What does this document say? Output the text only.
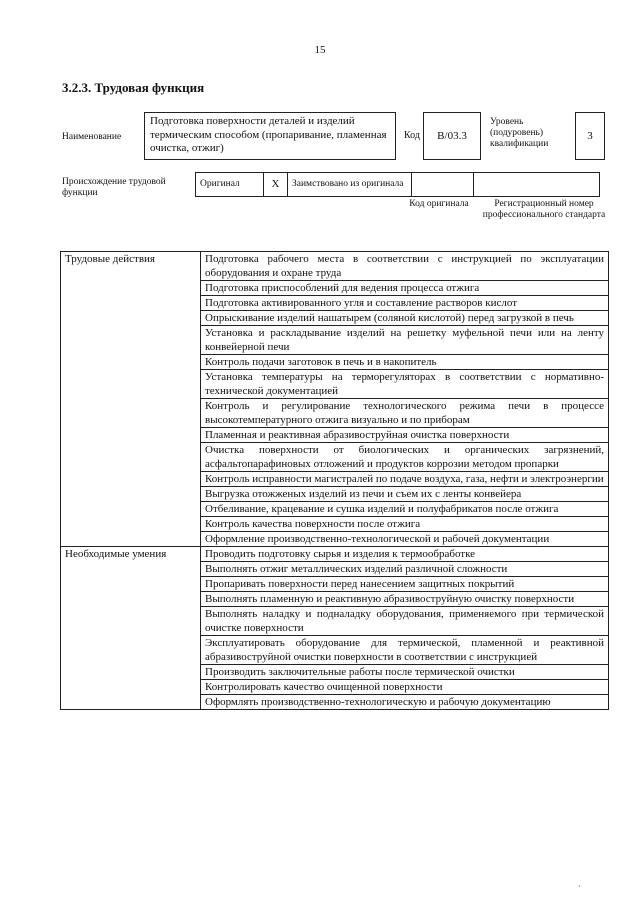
15
3.2.3. Трудовая функция
Наименование
Подготовка поверхности деталей и изделий термическим способом (пропаривание, пламенная очистка, отжиг)
Код	B/03.3
Уровень (подуровень) квалификации
3
Происхождение трудовой функции
Оригинал	X	Заимствовано из оригинала		
Код оригинала	Регистрационный номер профессионального стандарта
Трудовые действия	Подготовка рабочего места в соответствии с инструкцией по эксплуатации оборудования и охране труда
	Подготовка приспособлений для ведения процесса отжига
	Подготовка активированного угля и составление растворов кислот
	Опрыскивание изделий нашатырем (соляной кислотой) перед загрузкой в печь
	Установка и раскладывание изделий на решетку муфельной печи или на ленту конвейерной печи
	Контроль подачи заготовок в печь и в накопитель
	Установка температуры на терморегуляторах в соответствии с нормативно-технической документацией
	Контроль и регулирование технологического режима печи в процессе высокотемпературного отжига визуально и по приборам
	Пламенная и реактивная абразивоструйная очистка поверхности
	Очистка поверхности от биологических и органических загрязнений, асфальтопарафиновых отложений и продуктов коррозии методом пропарки
	Контроль исправности магистралей по подаче воздуха, газа, нефти и электроэнергии
	Выгрузка отожженых изделий из печи и съем их с ленты конвейера
	Отбеливание, крацевание и сушка изделий и полуфабрикатов после отжига
	Контроль качества поверхности после отжига
	Оформление производственно-технологической и рабочей документации
Необходимые умения	Проводить подготовку сырья и изделия к термообработке
	Выполнять отжиг металлических изделий различной сложности
	Пропаривать поверхности перед нанесением защитных покрытий
	Выполнять пламенную и реактивную абразивоструйную очистку поверхности
	Выполнять наладку и подналадку оборудования, применяемого при термической очистке поверхности
	Эксплуатировать оборудование для термической, пламенной и реактивной абразивоструйной очистки поверхности в соответствии с инструкцией
	Производить заключительные работы после термической очистки
	Контролировать качество очищенной поверхности
	Оформлять производственно-технологическую и рабочую документацию
·
